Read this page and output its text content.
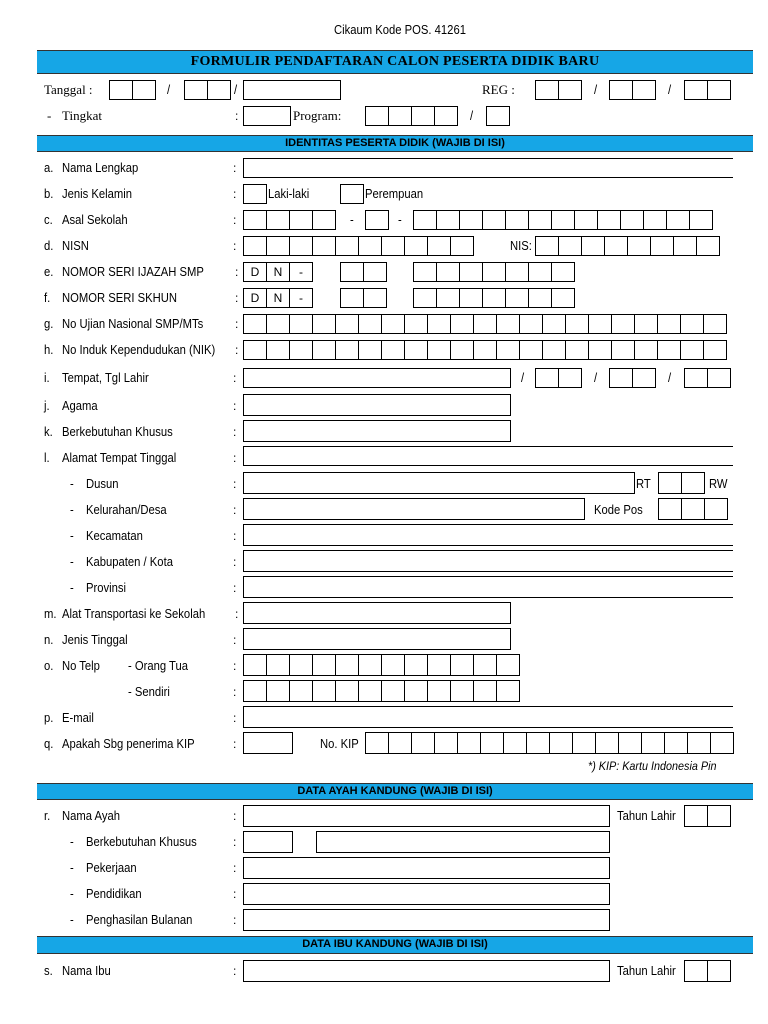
Cikaum Kode POS. 41261
FORMULIR PENDAFTARAN CALON PESERTA DIDIK BARU
Tanggal :	/	/	REG :	/	/
- Tingkat	:	Program:	/
IDENTITAS PESERTA DIDIK (WAJIB DI ISI)
a. Nama Lengkap	:
b. Jenis Kelamin	:	Laki-laki	Perempuan
c. Asal Sekolah	:	-	-
d. NISN	:	NIS:
e. NOMOR SERI IJAZAH SMP	:	D	N	-
f. NOMOR SERI SKHUN	:	D	N	-
g. No Ujian Nasional SMP/MTs	:
h. No Induk Kependudukan (NIK) :
i. Tempat, Tgl Lahir	:	/	/	/
j. Agama	:
k. Berkebutuhan Khusus	:
l. Alamat Tempat Tinggal	:
- Dusun	:	RT	RW
- Kelurahan/Desa	:	Kode Pos
- Kecamatan	:
- Kabupaten / Kota	:
- Provinsi	:
m. Alat Transportasi ke Sekolah :
n. Jenis Tinggal	:
o. No Telp - Orang Tua	:
- Sendiri	:
p. E-mail	:
q. Apakah Sbg penerima KIP	:	No. KIP
*) KIP: Kartu Indonesia Pin
DATA AYAH KANDUNG (WAJIB DI ISI)
r. Nama Ayah	:	Tahun Lahir
- Berkebutuhan Khusus	:
- Pekerjaan	:
- Pendidikan	:
- Penghasilan Bulanan	:
DATA IBU KANDUNG (WAJIB DI ISI)
s. Nama Ibu	:	Tahun Lahir
